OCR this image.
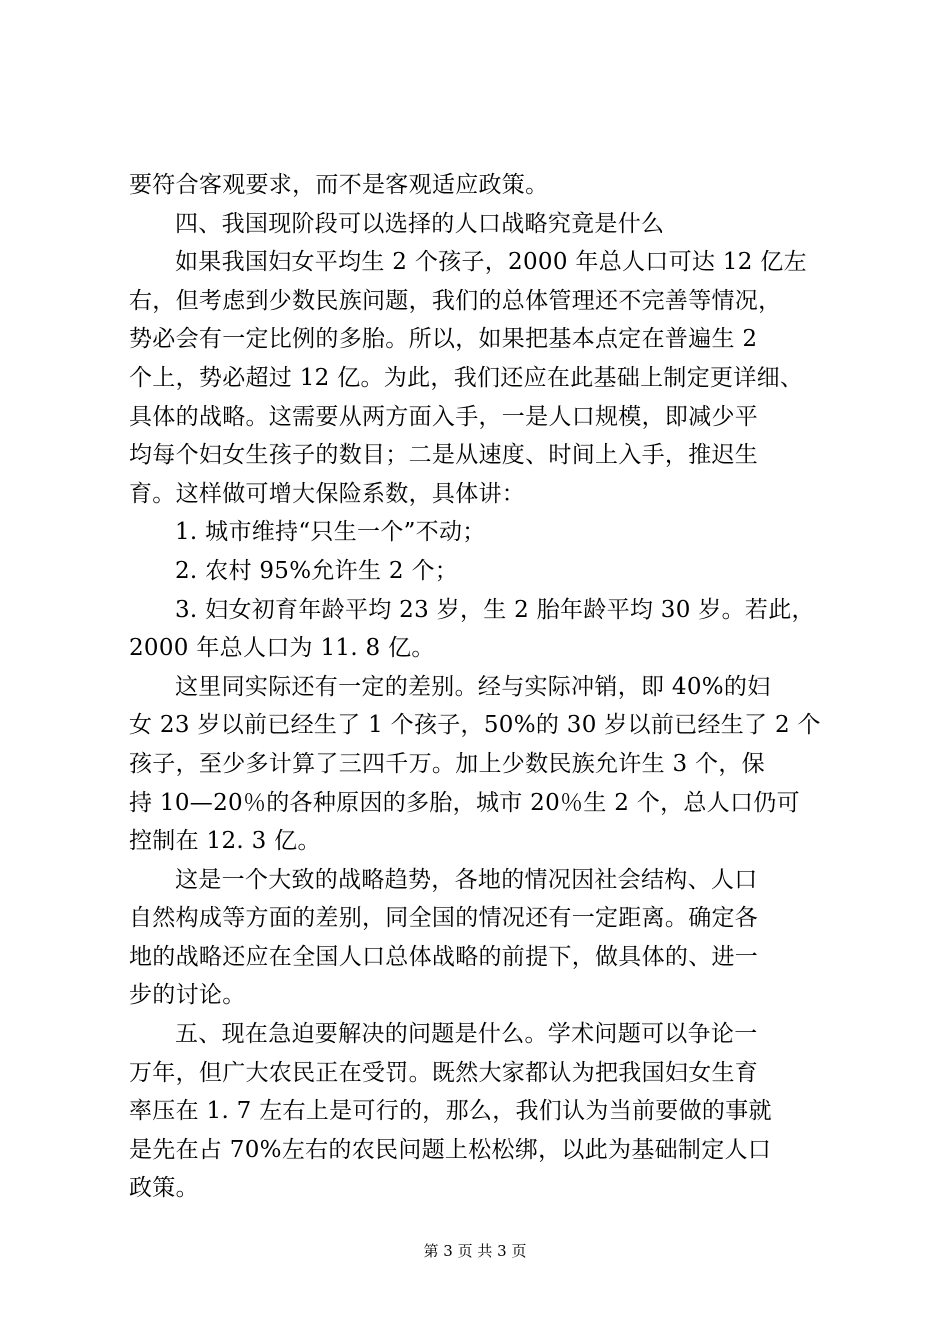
要符合客观要求，而不是客观适应政策。
四、我国现阶段可以选择的人口战略究竟是什么
如果我国妇女平均生 2 个孩子，2000 年总人口可达 12 亿左
右，但考虑到少数民族问题，我们的总体管理还不完善等情况，
势必会有一定比例的多胎。所以，如果把基本点定在普遍生 2
个上，势必超过 12 亿。为此，我们还应在此基础上制定更详细、
具体的战略。这需要从两方面入手，一是人口规模，即减少平
均每个妇女生孩子的数目；二是从速度、时间上入手，推迟生
育。这样做可增大保险系数，具体讲：
1. 城市维持“只生一个”不动；
2. 农村 95%允许生 2 个；
3. 妇女初育年龄平均 23 岁，生 2 胎年龄平均 30 岁。若此，
2000 年总人口为 11. 8 亿。
这里同实际还有一定的差别。经与实际冲销，即 40%的妇
女 23 岁以前已经生了 1 个孩子，50%的 30 岁以前已经生了 2 个
孩子，至少多计算了三四千万。加上少数民族允许生 3 个，保
持 10—20％的各种原因的多胎，城市 20％生 2 个，总人口仍可
控制在 12. 3 亿。
这是一个大致的战略趋势，各地的情况因社会结构、人口
自然构成等方面的差别，同全国的情况还有一定距离。确定各
地的战略还应在全国人口总体战略的前提下，做具体的、进一
步的讨论。
五、现在急迫要解决的问题是什么。学术问题可以争论一
万年，但广大农民正在受罚。既然大家都认为把我国妇女生育
率压在 1. 7 左右上是可行的，那么，我们认为当前要做的事就
是先在占 70%左右的农民问题上松松绑，以此为基础制定人口
政策。
第 3 页 共 3 页
